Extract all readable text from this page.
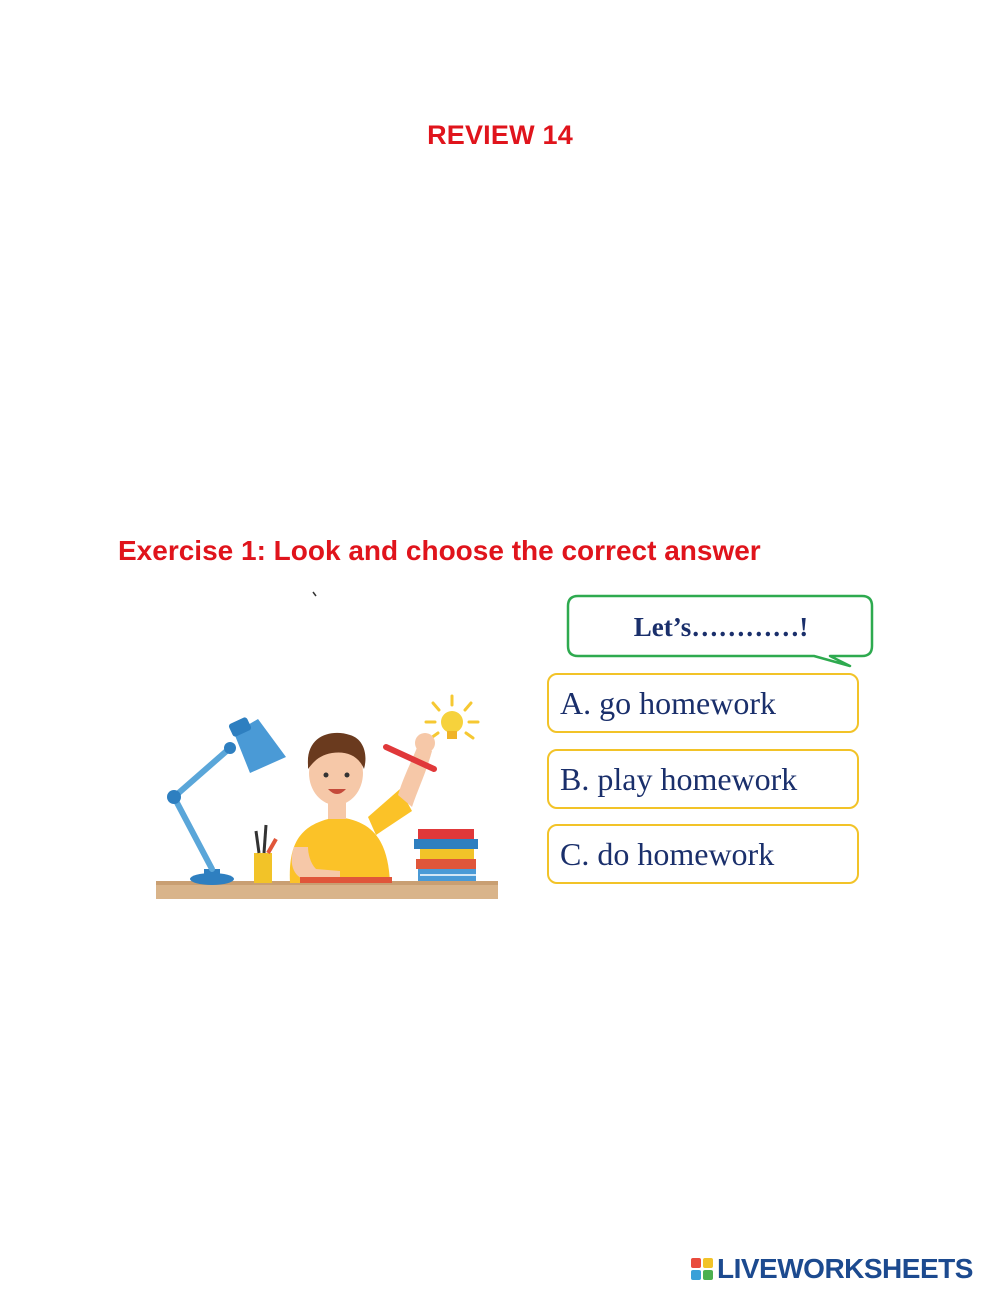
REVIEW 14
Exercise 1: Look and choose the correct answer
Let’s…………!
A. go homework
B. play homework
C. do homework
LIVEWORKSHEETS
